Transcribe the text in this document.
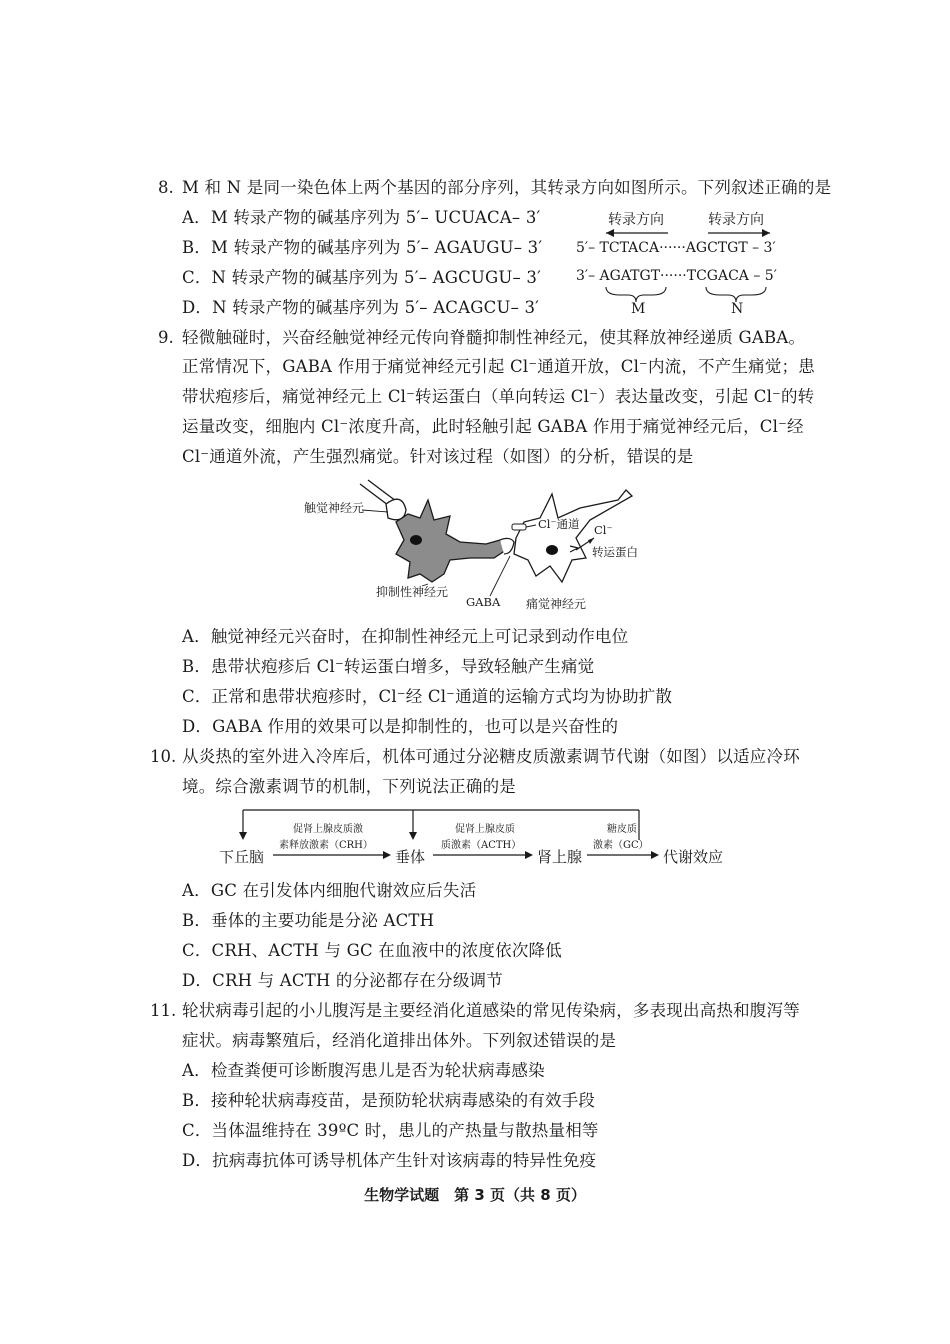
8. M 和 N 是同一染色体上两个基因的部分序列，其转录方向如图所示。下列叙述正确的是
A．M 转录产物的碱基序列为 5′– UCUACA– 3′
B．M 转录产物的碱基序列为 5′– AGAUGU– 3′
C．N 转录产物的碱基序列为 5′– AGCUGU– 3′
D．N 转录产物的碱基序列为 5′– ACAGCU– 3′
转录方向	转录方向
5′– TCTACA······AGCTGT – 3′
3′– AGATGT······TCGACA – 5′
M	N
9. 轻微触碰时，兴奋经触觉神经元传向脊髓抑制性神经元，使其释放神经递质 GABA。
正常情况下，GABA 作用于痛觉神经元引起 Cl⁻通道开放，Cl⁻内流，不产生痛觉；患
带状疱疹后，痛觉神经元上 Cl⁻转运蛋白（单向转运 Cl⁻）表达量改变，引起 Cl⁻的转
运量改变，细胞内 Cl⁻浓度升高，此时轻触引起 GABA 作用于痛觉神经元后，Cl⁻经
Cl⁻通道外流，产生强烈痛觉。针对该过程（如图）的分析，错误的是
触觉神经元
抑制性神经元
Cl⁻通道 Cl⁻
转运蛋白
GABA 痛觉神经元
A．触觉神经元兴奋时，在抑制性神经元上可记录到动作电位
B．患带状疱疹后 Cl⁻转运蛋白增多，导致轻触产生痛觉
C．正常和患带状疱疹时，Cl⁻经 Cl⁻通道的运输方式均为协助扩散
D．GABA 作用的效果可以是抑制性的，也可以是兴奋性的
10. 从炎热的室外进入冷库后，机体可通过分泌糖皮质激素调节代谢（如图）以适应冷环
境。综合激素调节的机制，下列说法正确的是
下丘脑	垂体	肾上腺	代谢效应
促肾上腺皮质激
素释放激素（CRH）
促肾上腺皮质
质激素（ACTH）
糖皮质
激素（GC）
A．GC 在引发体内细胞代谢效应后失活
B．垂体的主要功能是分泌 ACTH
C．CRH、ACTH 与 GC 在血液中的浓度依次降低
D．CRH 与 ACTH 的分泌都存在分级调节
11. 轮状病毒引起的小儿腹泻是主要经消化道感染的常见传染病，多表现出高热和腹泻等
症状。病毒繁殖后，经消化道排出体外。下列叙述错误的是
A．检查粪便可诊断腹泻患儿是否为轮状病毒感染
B．接种轮状病毒疫苗，是预防轮状病毒感染的有效手段
C．当体温维持在 39ºC 时，患儿的产热量与散热量相等
D．抗病毒抗体可诱导机体产生针对该病毒的特异性免疫
生物学试题　第 3 页（共 8 页）
